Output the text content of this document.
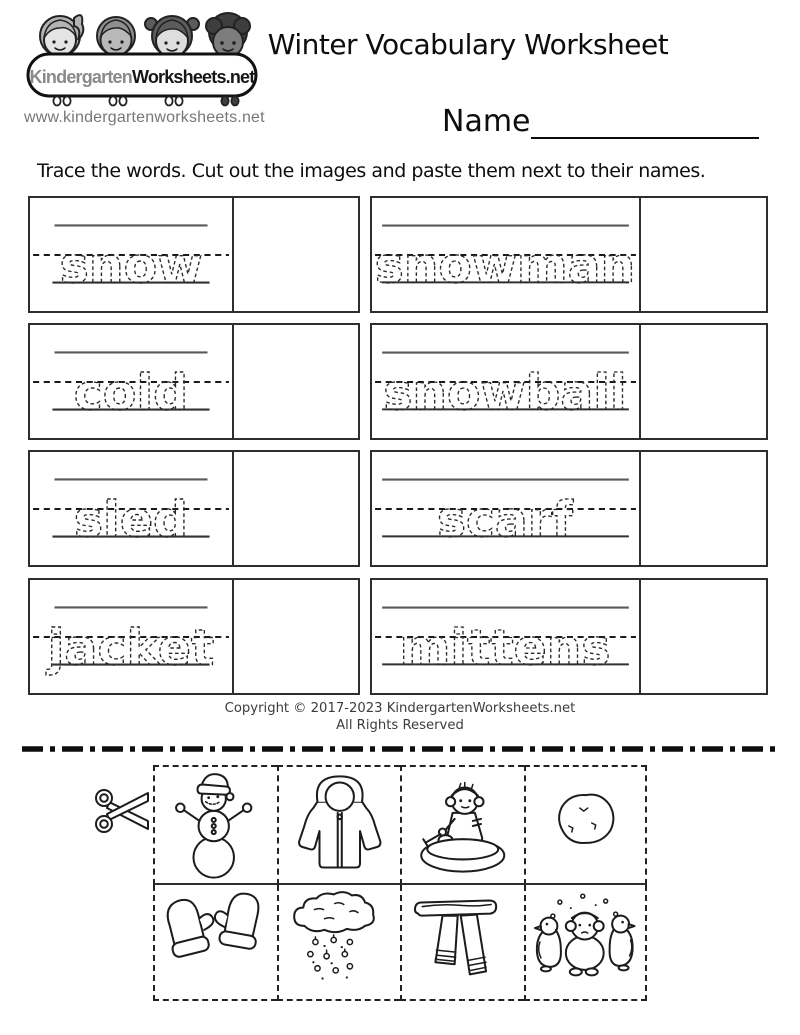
KindergartenWorksheets.net
www.kindergartenworksheets.net
Winter Vocabulary Worksheet
Name
Trace the words. Cut out the images and paste them next to their names.
snow	snowman
cold	snowball
sled	scarf
jacket	mittens
Copyright © 2017-2023 KindergartenWorksheets.net
All Rights Reserved
